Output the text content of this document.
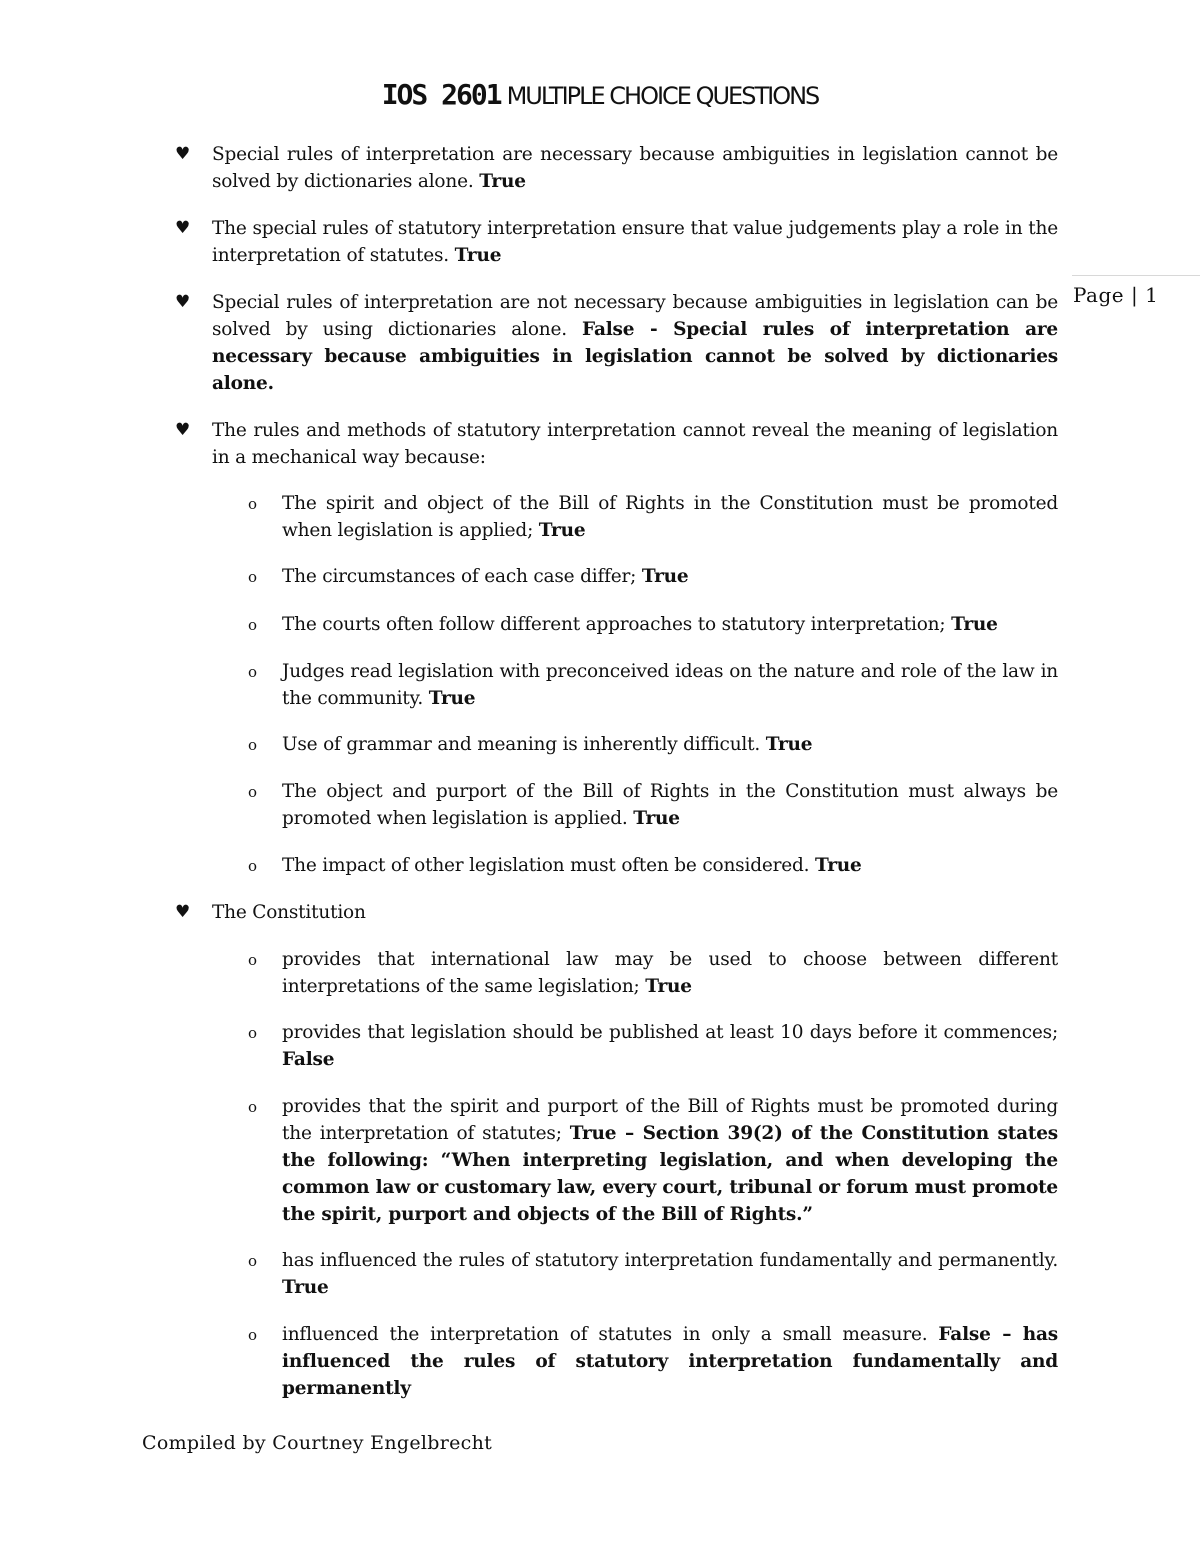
IOS 2601 MULTIPLE CHOICE QUESTIONS
Page | 1
♥ Special rules of interpretation are necessary because ambiguities in legislation cannot be solved by dictionaries alone. True
♥ The special rules of statutory interpretation ensure that value judgements play a role in the interpretation of statutes. True
♥ Special rules of interpretation are not necessary because ambiguities in legislation can be solved by using dictionaries alone. False - Special rules of interpretation are necessary because ambiguities in legislation cannot be solved by dictionaries alone.
♥ The rules and methods of statutory interpretation cannot reveal the meaning of legislation in a mechanical way because:
o The spirit and object of the Bill of Rights in the Constitution must be promoted when legislation is applied; True
o The circumstances of each case differ; True
o The courts often follow different approaches to statutory interpretation; True
o Judges read legislation with preconceived ideas on the nature and role of the law in the community. True
o Use of grammar and meaning is inherently difficult. True
o The object and purport of the Bill of Rights in the Constitution must always be promoted when legislation is applied. True
o The impact of other legislation must often be considered. True
♥ The Constitution
o provides that international law may be used to choose between different interpretations of the same legislation; True
o provides that legislation should be published at least 10 days before it commences; False
o provides that the spirit and purport of the Bill of Rights must be promoted during the interpretation of statutes; True – Section 39(2) of the Constitution states the following: “When interpreting legislation, and when developing the common law or customary law, every court, tribunal or forum must promote the spirit, purport and objects of the Bill of Rights.”
o has influenced the rules of statutory interpretation fundamentally and permanently. True
o influenced the interpretation of statutes in only a small measure. False – has influenced the rules of statutory interpretation fundamentally and permanently
Compiled by Courtney Engelbrecht
